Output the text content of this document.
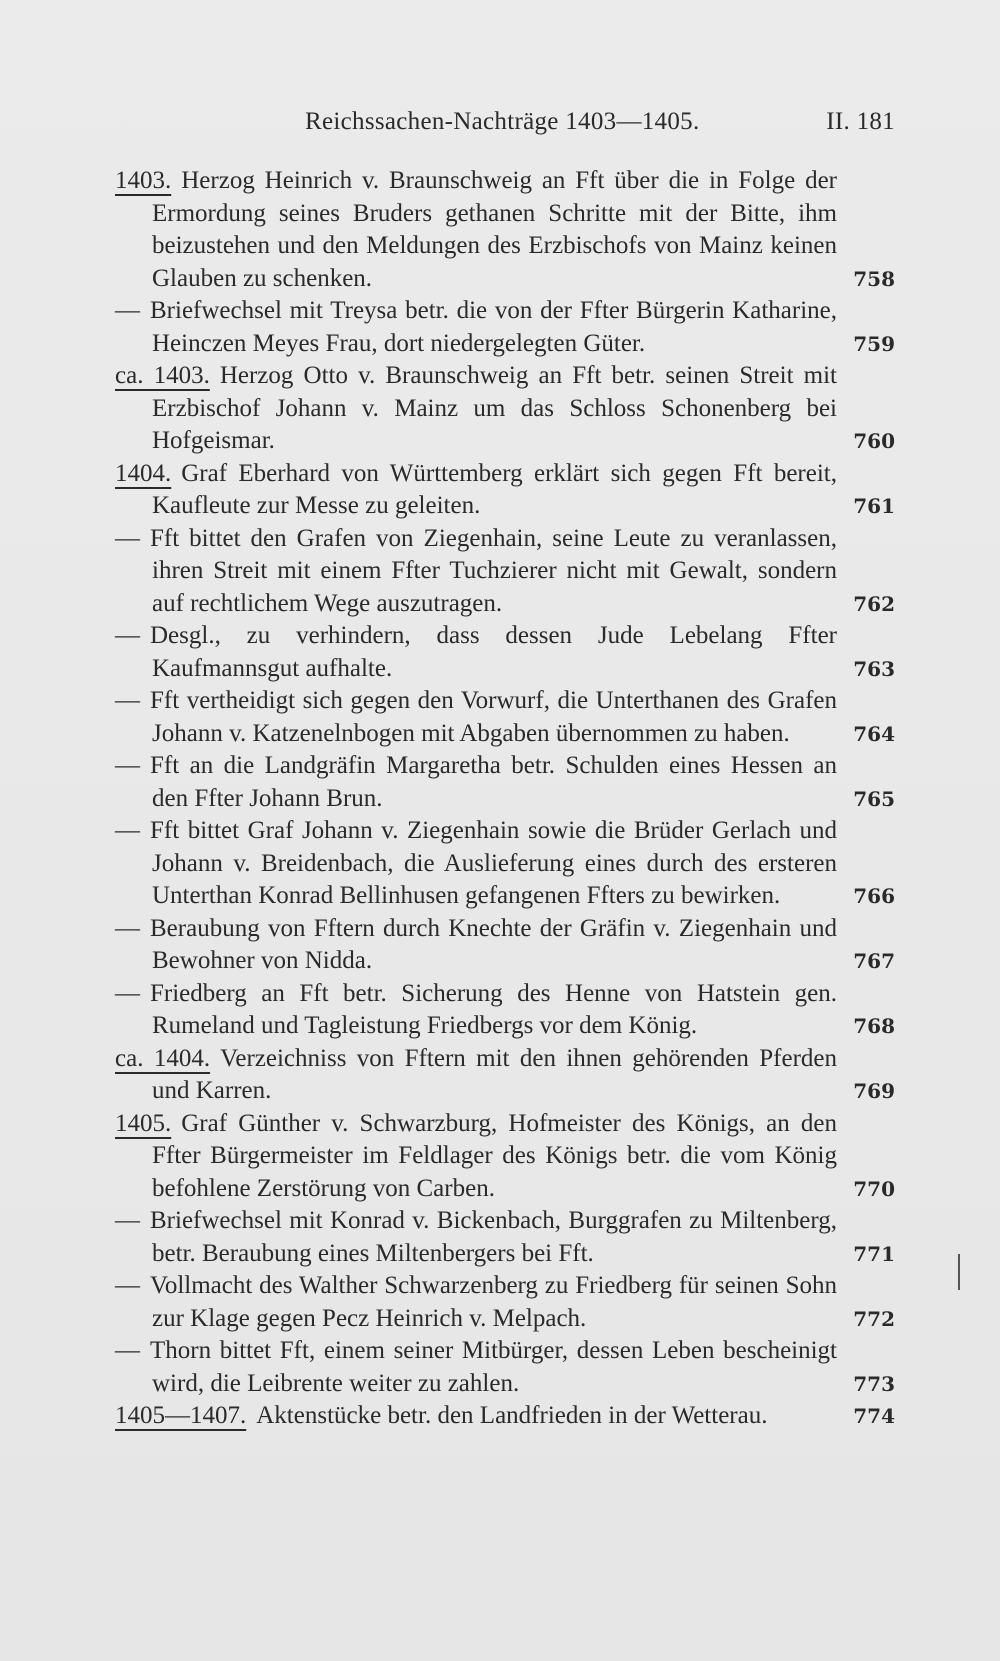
Reichssachen-Nachträge 1403—1405.	II. 181
1403. Herzog Heinrich v. Braunschweig an Fft über die in Folge der Ermordung seines Bruders gethanen Schritte mit der Bitte, ihm beizustehen und den Meldungen des Erzbischofs von Mainz keinen Glauben zu schenken.	758
— Briefwechsel mit Treysa betr. die von der Ffter Bürgerin Katharine, Heinczen Meyes Frau, dort niedergelegten Güter.	759
ca. 1403. Herzog Otto v. Braunschweig an Fft betr. seinen Streit mit Erzbischof Johann v. Mainz um das Schloss Schonenberg bei Hofgeismar.	760
1404. Graf Eberhard von Württemberg erklärt sich gegen Fft bereit, Kaufleute zur Messe zu geleiten.	761
— Fft bittet den Grafen von Ziegenhain, seine Leute zu veranlassen, ihren Streit mit einem Ffter Tuchzierer nicht mit Gewalt, sondern auf rechtlichem Wege auszutragen.	762
— Desgl., zu verhindern, dass dessen Jude Lebelang Ffter Kaufmannsgut aufhalte.	763
— Fft vertheidigt sich gegen den Vorwurf, die Unterthanen des Grafen Johann v. Katzenelnbogen mit Abgaben übernommen zu haben.	764
— Fft an die Landgräfin Margaretha betr. Schulden eines Hessen an den Ffter Johann Brun.	765
— Fft bittet Graf Johann v. Ziegenhain sowie die Brüder Gerlach und Johann v. Breidenbach, die Auslieferung eines durch des ersteren Unterthan Konrad Bellinhusen gefangenen Ffters zu bewirken.	766
— Beraubung von Fftern durch Knechte der Gräfin v. Ziegenhain und Bewohner von Nidda.	767
— Friedberg an Fft betr. Sicherung des Henne von Hatstein gen. Rumeland und Tagleistung Friedbergs vor dem König.	768
ca. 1404. Verzeichniss von Fftern mit den ihnen gehörenden Pferden und Karren.	769
1405. Graf Günther v. Schwarzburg, Hofmeister des Königs, an den Ffter Bürgermeister im Feldlager des Königs betr. die vom König befohlene Zerstörung von Carben.	770
— Briefwechsel mit Konrad v. Bickenbach, Burggrafen zu Miltenberg, betr. Beraubung eines Miltenbergers bei Fft.	771
— Vollmacht des Walther Schwarzenberg zu Friedberg für seinen Sohn zur Klage gegen Pecz Heinrich v. Melpach.	772
— Thorn bittet Fft, einem seiner Mitbürger, dessen Leben bescheinigt wird, die Leibrente weiter zu zahlen.	773
1405—1407. Aktenstücke betr. den Landfrieden in der Wetterau.	774
